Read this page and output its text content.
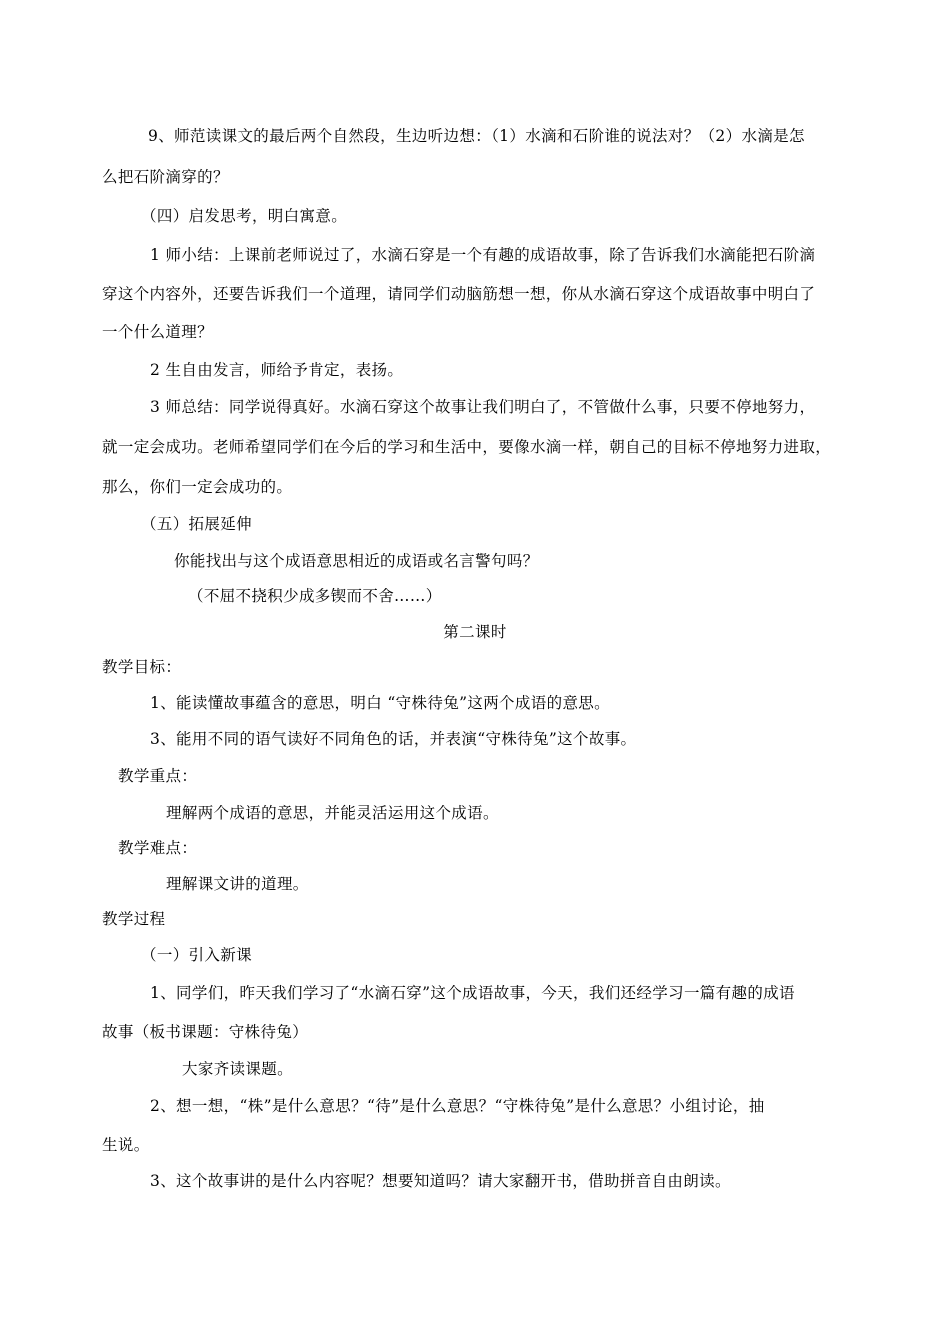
9、师范读课文的最后两个自然段，生边听边想：（1）水滴和石阶谁的说法对？（2）水滴是怎
么把石阶滴穿的？
（四）启发思考，明白寓意。
1 师小结：上课前老师说过了，水滴石穿是一个有趣的成语故事，除了告诉我们水滴能把石阶滴
穿这个内容外，还要告诉我们一个道理，请同学们动脑筋想一想，你从水滴石穿这个成语故事中明白了
一个什么道理？
2 生自由发言，师给予肯定，表扬。
3 师总结：同学说得真好。水滴石穿这个故事让我们明白了，不管做什么事，只要不停地努力，
就一定会成功。老师希望同学们在今后的学习和生活中，要像水滴一样，朝自己的目标不停地努力进取，
那么，你们一定会成功的。
（五）拓展延伸
你能找出与这个成语意思相近的成语或名言警句吗？
（不屈不挠积少成多锲而不舍……）
第二课时
教学目标：
1、能读懂故事蕴含的意思，明白 “守株待兔”这两个成语的意思。
3、能用不同的语气读好不同角色的话，并表演“守株待兔”这个故事。
教学重点：
理解两个成语的意思，并能灵活运用这个成语。
教学难点：
理解课文讲的道理。
教学过程
（一）引入新课
1、同学们，昨天我们学习了“水滴石穿”这个成语故事，今天，我们还经学习一篇有趣的成语
故事（板书课题：守株待兔）
大家齐读课题。
2、想一想，“株”是什么意思？“待”是什么意思？“守株待兔”是什么意思？小组讨论，抽
生说。
3、这个故事讲的是什么内容呢？想要知道吗？请大家翻开书，借助拼音自由朗读。
